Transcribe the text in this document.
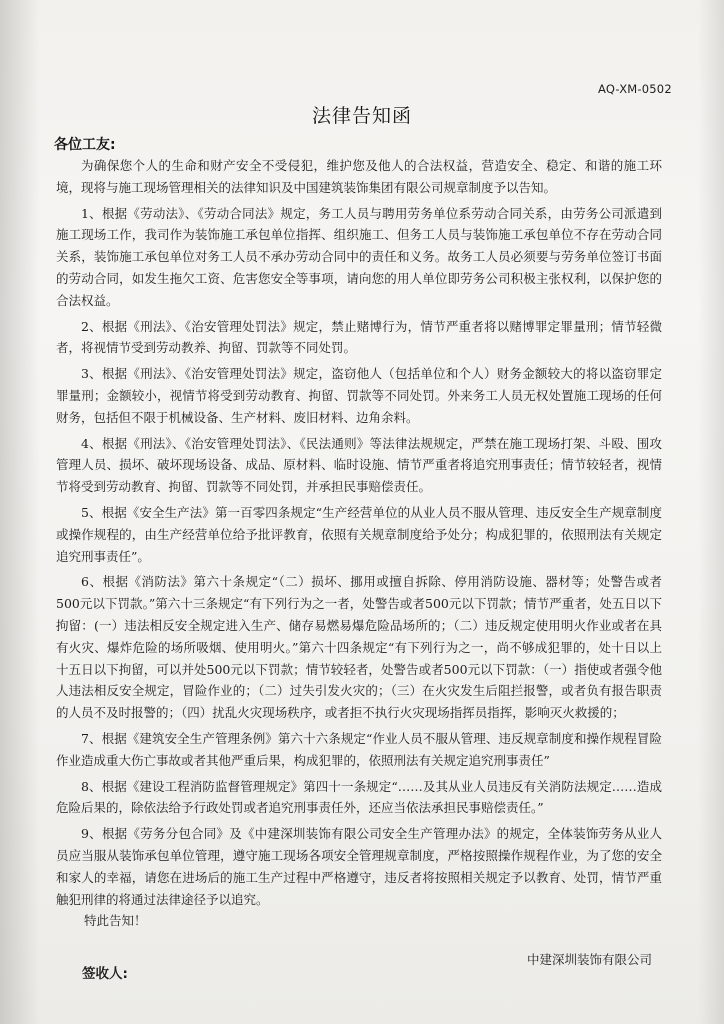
AQ-XM-0502
法律告知函
各位工友:

为确保您个人的生命和财产安全不受侵犯，维护您及他人的合法权益，营造安全、稳定、和谐的施工环境，现将与施工现场管理相关的法律知识及中国建筑装饰集团有限公司规章制度予以告知。

1、根据《劳动法》、《劳动合同法》规定，务工人员与聘用劳务单位系劳动合同关系，由劳务公司派遣到施工现场工作，我司作为装饰施工承包单位指挥、组织施工、但务工人员与装饰施工承包单位不存在劳动合同关系，装饰施工承包单位对务工人员不承办劳动合同中的责任和义务。故务工人员必须要与劳务单位签订书面的劳动合同，如发生拖欠工资、危害您安全等事项，请向您的用人单位即劳务公司积极主张权利，以保护您的合法权益。

2、根据《刑法》、《治安管理处罚法》规定，禁止赌博行为，情节严重者将以赌博罪定罪量刑；情节轻微者，将视情节受到劳动教养、拘留、罚款等不同处罚。

3、根据《刑法》、《治安管理处罚法》规定，盗窃他人（包括单位和个人）财务金额较大的将以盗窃罪定罪量刑；金额较小，视情节将受到劳动教育、拘留、罚款等不同处罚。外来务工人员无权处置施工现场的任何财务，包括但不限于机械设备、生产材料、废旧材料、边角余料。

4、根据《刑法》、《治安管理处罚法》、《民法通则》等法律法规规定，严禁在施工现场打架、斗殴、围攻管理人员、损坏、破坏现场设备、成品、原材料、临时设施、情节严重者将追究刑事责任；情节较轻者，视情节将受到劳动教育、拘留、罚款等不同处罚，并承担民事赔偿责任。

5、根据《安全生产法》第一百零四条规定“生产经营单位的从业人员不服从管理、违反安全生产规章制度或操作规程的，由生产经营单位给予批评教育，依照有关规章制度给予处分；构成犯罪的，依照刑法有关规定追究刑事责任”。

6、根据《消防法》第六十条规定“（二）损坏、挪用或擅自拆除、停用消防设施、器材等；处警告或者500元以下罚款。”第六十三条规定“有下列行为之一者，处警告或者500元以下罚款；情节严重者，处五日以下拘留：(一）违法相反安全规定进入生产、储存易燃易爆危险品场所的；（二）违反规定使用明火作业或者在具有火灾、爆炸危险的场所吸烟、使用明火。”第六十四条规定“有下列行为之一，尚不够成犯罪的，处十日以上十五日以下拘留，可以并处500元以下罚款；情节较轻者，处警告或者500元以下罚款：（一）指使或者强令他人违法相反安全规定，冒险作业的；（二）过失引发火灾的；（三）在火灾发生后阻拦报警，或者负有报告职责的人员不及时报警的；（四）扰乱火灾现场秩序，或者拒不执行火灾现场指挥员指挥，影响灭火救援的；

7、根据《建筑安全生产管理条例》第六十六条规定“作业人员不服从管理、违反规章制度和操作规程冒险作业造成重大伤亡事故或者其他严重后果，构成犯罪的，依照刑法有关规定追究刑事责任”

8、根据《建设工程消防监督管理规定》第四十一条规定“……及其从业人员违反有关消防法规定……造成危险后果的，除依法给予行政处罚或者追究刑事责任外，还应当依法承担民事赔偿责任。”

9、根据《劳务分包合同》及《中建深圳装饰有限公司安全生产管理办法》的规定，全体装饰劳务从业人员应当服从装饰承包单位管理，遵守施工现场各项安全管理规章制度，严格按照操作规程作业，为了您的安全和家人的幸福，请您在进场后的施工生产过程中严格遵守，违反者将按照相关规定予以教育、处罚，情节严重触犯刑律的将通过法律途径予以追究。

特此告知！
中建深圳装饰有限公司
签收人:
